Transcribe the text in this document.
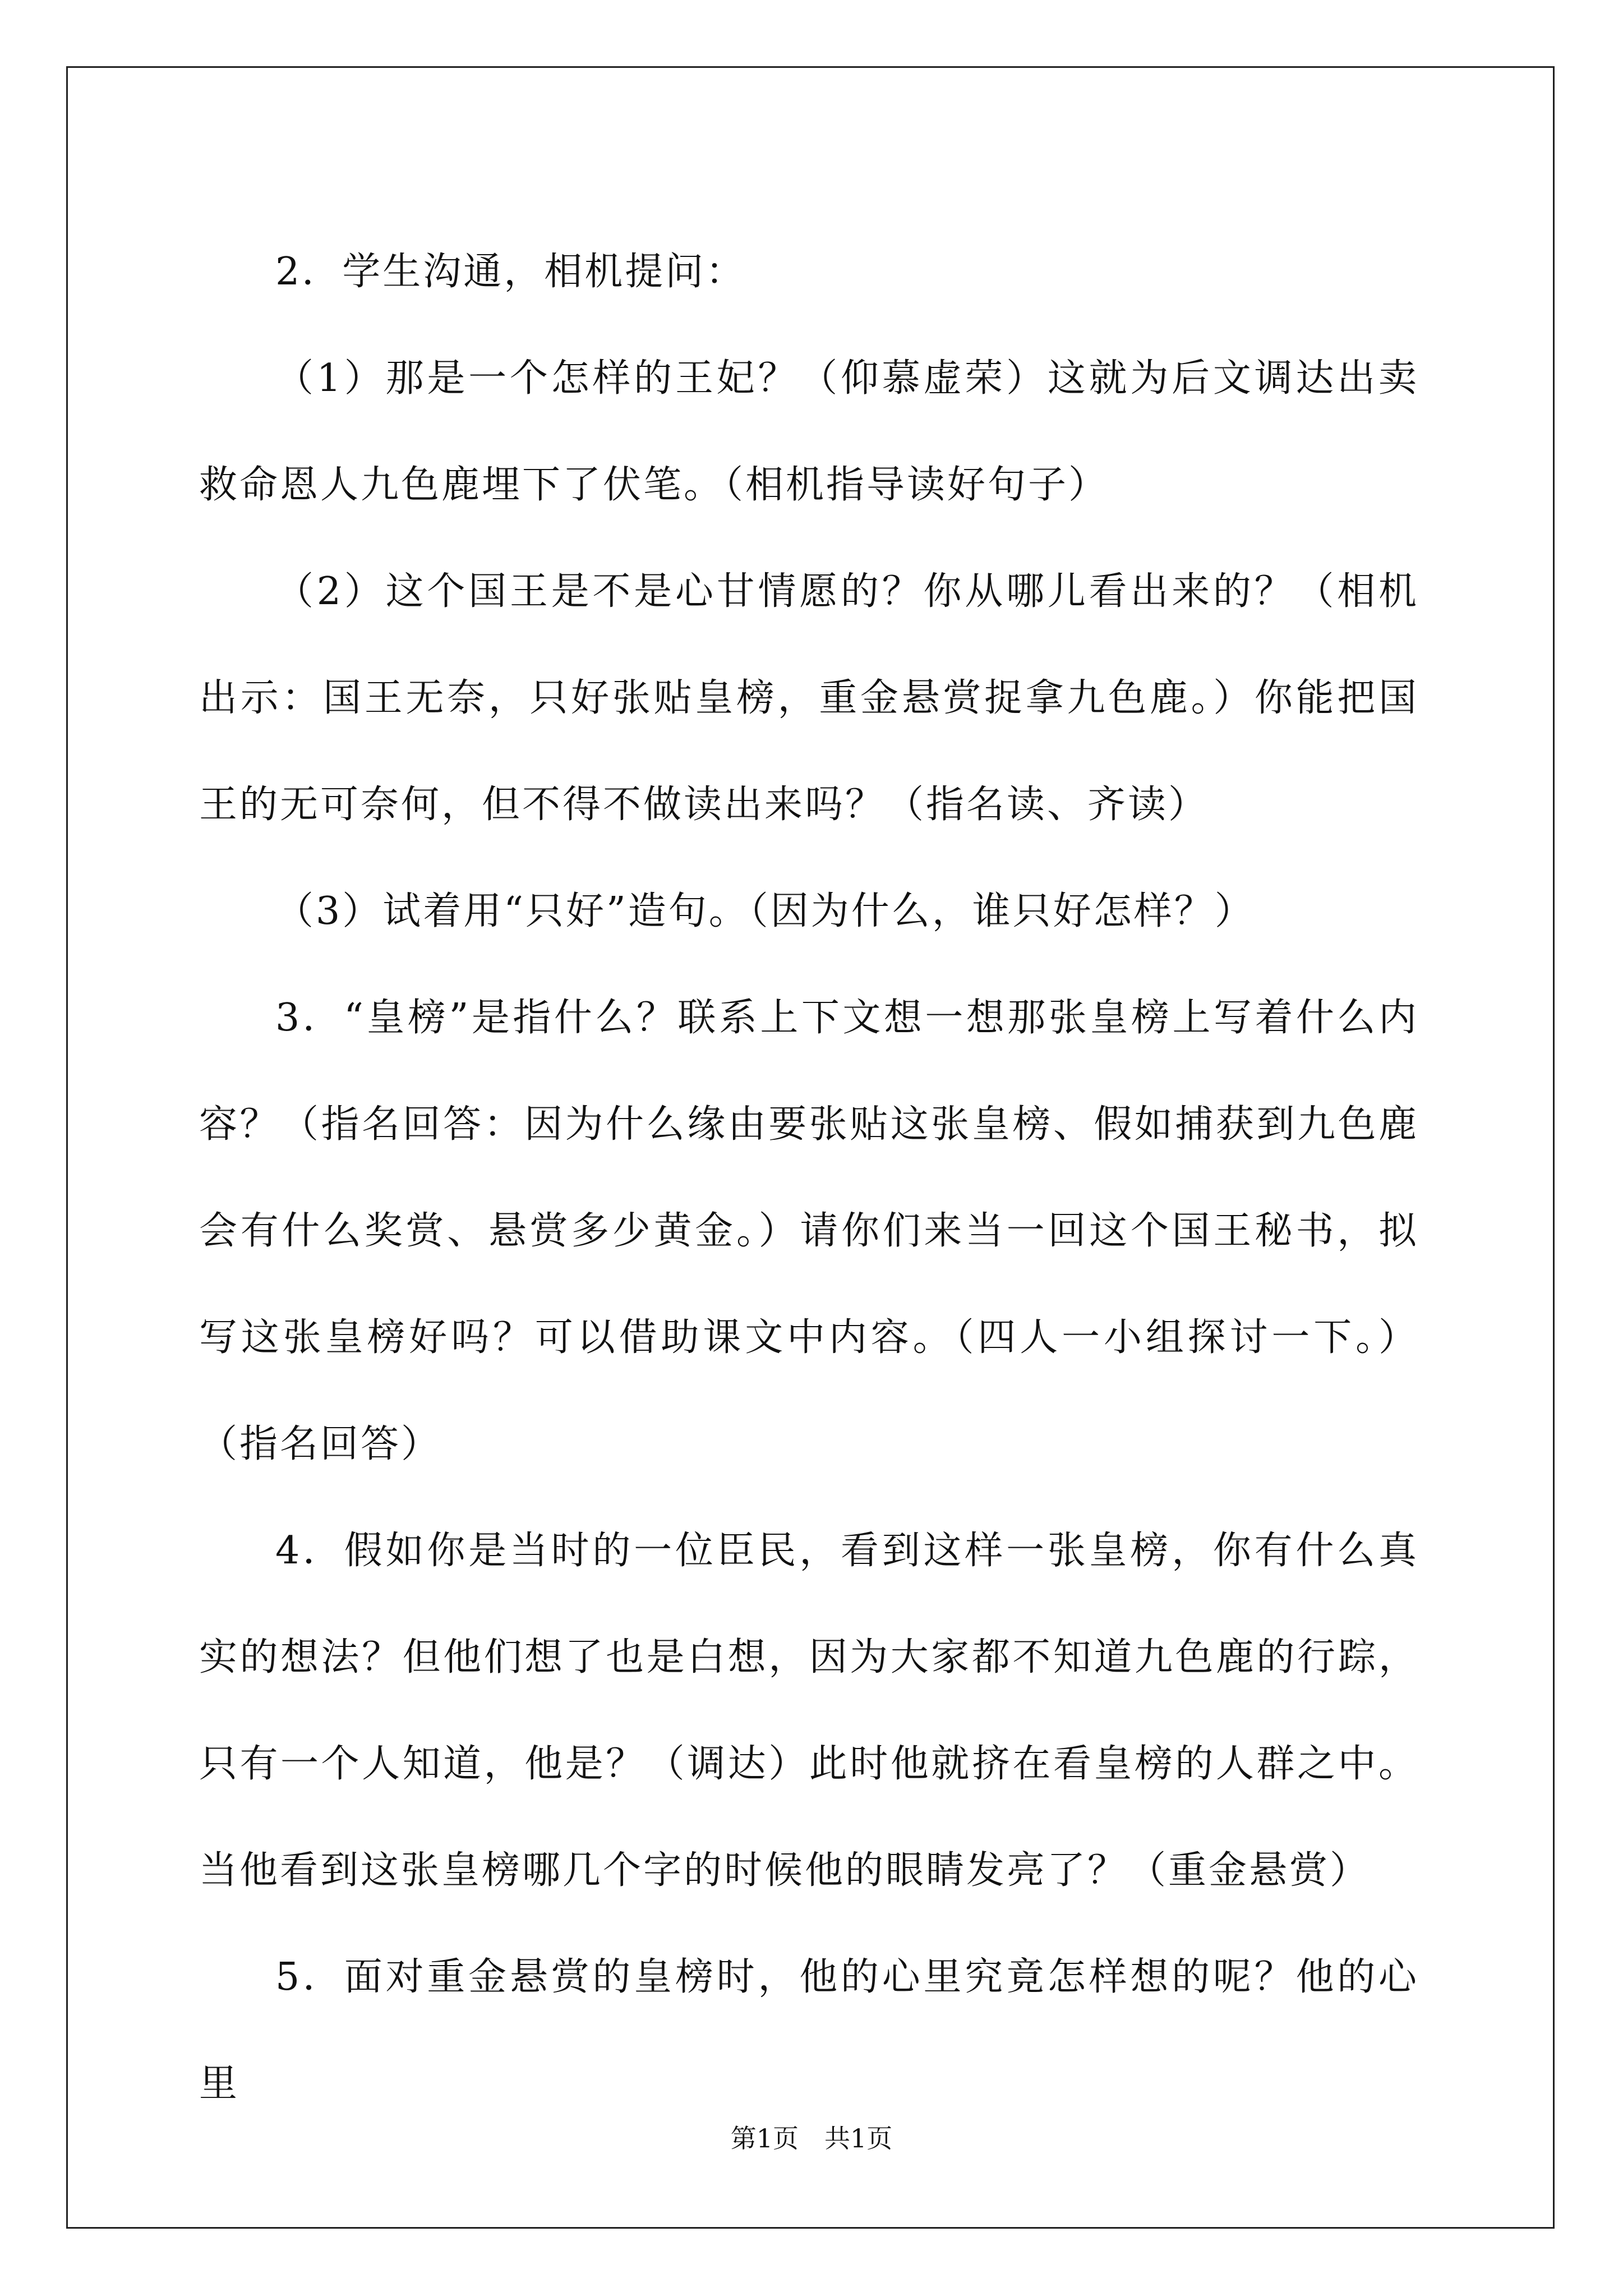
2．学生沟通，相机提问：

（1）那是一个怎样的王妃？（仰慕虚荣）这就为后文调达出卖救命恩人九色鹿埋下了伏笔。（相机指导读好句子）

（2）这个国王是不是心甘情愿的？你从哪儿看出来的？（相机出示：国王无奈，只好张贴皇榜，重金悬赏捉拿九色鹿。）你能把国王的无可奈何，但不得不做读出来吗？（指名读、齐读）

（3）试着用“只好”造句。（因为什么，谁只好怎样？）

3．“皇榜”是指什么？联系上下文想一想那张皇榜上写着什么内容？（指名回答：因为什么缘由要张贴这张皇榜、假如捕获到九色鹿会有什么奖赏、悬赏多少黄金。）请你们来当一回这个国王秘书，拟写这张皇榜好吗？可以借助课文中内容。（四人一小组探讨一下。）（指名回答）

4．假如你是当时的一位臣民，看到这样一张皇榜，你有什么真实的想法？但他们想了也是白想，因为大家都不知道九色鹿的行踪，只有一个人知道，他是？（调达）此时他就挤在看皇榜的人群之中。当他看到这张皇榜哪几个字的时候他的眼睛发亮了？（重金悬赏）

5．面对重金悬赏的皇榜时，他的心里究竟怎样想的呢？他的心里

第1页　共1页
